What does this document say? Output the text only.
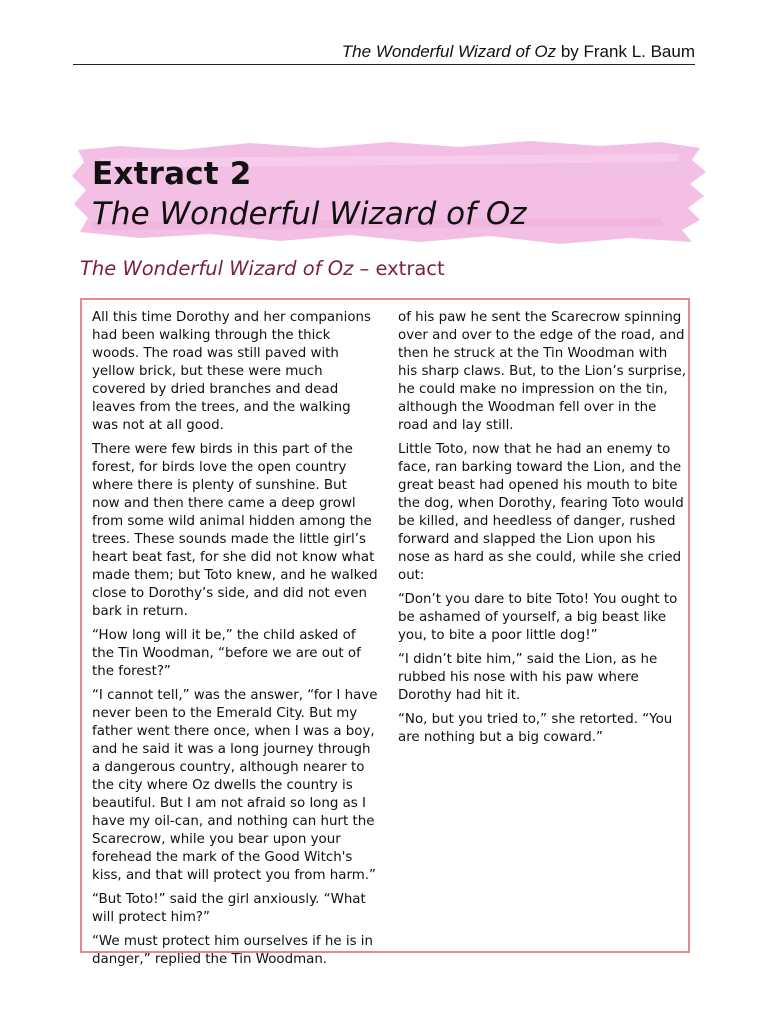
The Wonderful Wizard of Oz by Frank L. Baum
Extract 2
The Wonderful Wizard of Oz
The Wonderful Wizard of Oz – extract

All this time Dorothy and her companions had been walking through the thick woods. The road was still paved with yellow brick, but these were much covered by dried branches and dead leaves from the trees, and the walking was not at all good.

There were few birds in this part of the forest, for birds love the open country where there is plenty of sunshine. But now and then there came a deep growl from some wild animal hidden among the trees. These sounds made the little girl’s heart beat fast, for she did not know what made them; but Toto knew, and he walked close to Dorothy’s side, and did not even bark in return.

“How long will it be,” the child asked of the Tin Woodman, “before we are out of the forest?”

“I cannot tell,” was the answer, “for I have never been to the Emerald City. But my father went there once, when I was a boy, and he said it was a long journey through a dangerous country, although nearer to the city where Oz dwells the country is beautiful. But I am not afraid so long as I have my oil-can, and nothing can hurt the Scarecrow, while you bear upon your forehead the mark of the Good Witch's kiss, and that will protect you from harm.”

“But Toto!” said the girl anxiously. “What will protect him?”

“We must protect him ourselves if he is in danger,” replied the Tin Woodman.

of his paw he sent the Scarecrow spinning over and over to the edge of the road, and then he struck at the Tin Woodman with his sharp claws. But, to the Lion’s surprise, he could make no impression on the tin, although the Woodman fell over in the road and lay still.

Little Toto, now that he had an enemy to face, ran barking toward the Lion, and the great beast had opened his mouth to bite the dog, when Dorothy, fearing Toto would be killed, and heedless of danger, rushed forward and slapped the Lion upon his nose as hard as she could, while she cried out:

“Don’t you dare to bite Toto! You ought to be ashamed of yourself, a big beast like you, to bite a poor little dog!”

“I didn’t bite him,” said the Lion, as he rubbed his nose with his paw where Dorothy had hit it.

“No, but you tried to,” she retorted. “You are nothing but a big coward.”
